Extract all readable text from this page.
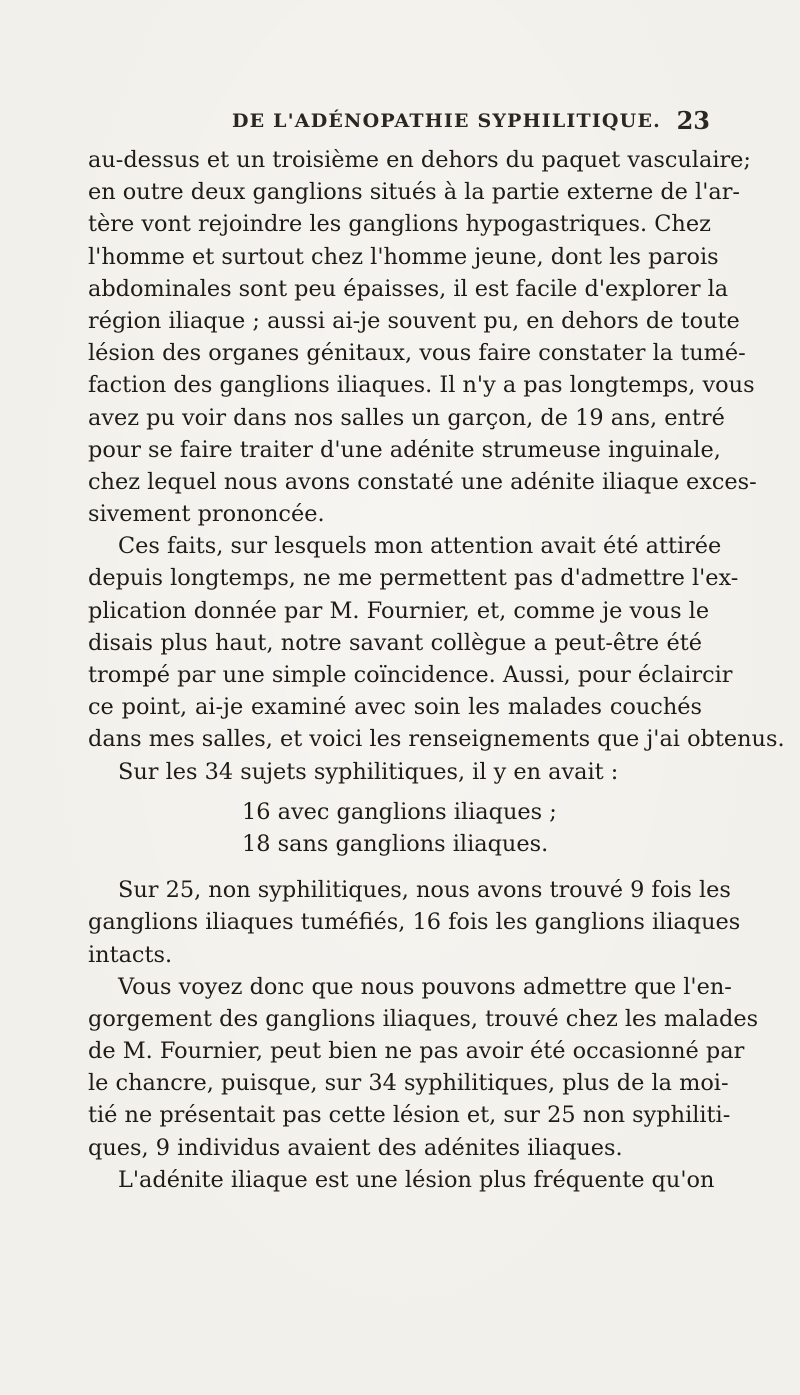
DE L'ADÉNOPATHIE SYPHILITIQUE. 23
au-dessus et un troisième en dehors du paquet vasculaire;
en outre deux ganglions situés à la partie externe de l'ar-
tère vont rejoindre les ganglions hypogastriques. Chez
l'homme et surtout chez l'homme jeune, dont les parois
abdominales sont peu épaisses, il est facile d'explorer la
région iliaque ; aussi ai-je souvent pu, en dehors de toute
lésion des organes génitaux, vous faire constater la tumé-
faction des ganglions iliaques. Il n'y a pas longtemps, vous
avez pu voir dans nos salles un garçon, de 19 ans, entré
pour se faire traiter d'une adénite strumeuse inguinale,
chez lequel nous avons constaté une adénite iliaque exces-
sivement prononcée.
Ces faits, sur lesquels mon attention avait été attirée
depuis longtemps, ne me permettent pas d'admettre l'ex-
plication donnée par M. Fournier, et, comme je vous le
disais plus haut, notre savant collègue a peut-être été
trompé par une simple coïncidence. Aussi, pour éclaircir
ce point, ai-je examiné avec soin les malades couchés
dans mes salles, et voici les renseignements que j'ai obtenus.
Sur les 34 sujets syphilitiques, il y en avait :
16 avec ganglions iliaques ;
18 sans ganglions iliaques.
Sur 25, non syphilitiques, nous avons trouvé 9 fois les
ganglions iliaques tuméfiés, 16 fois les ganglions iliaques
intacts.
Vous voyez donc que nous pouvons admettre que l'en-
gorgement des ganglions iliaques, trouvé chez les malades
de M. Fournier, peut bien ne pas avoir été occasionné par
le chancre, puisque, sur 34 syphilitiques, plus de la moi-
tié ne présentait pas cette lésion et, sur 25 non syphiliti-
ques, 9 individus avaient des adénites iliaques.
L'adénite iliaque est une lésion plus fréquente qu'on
